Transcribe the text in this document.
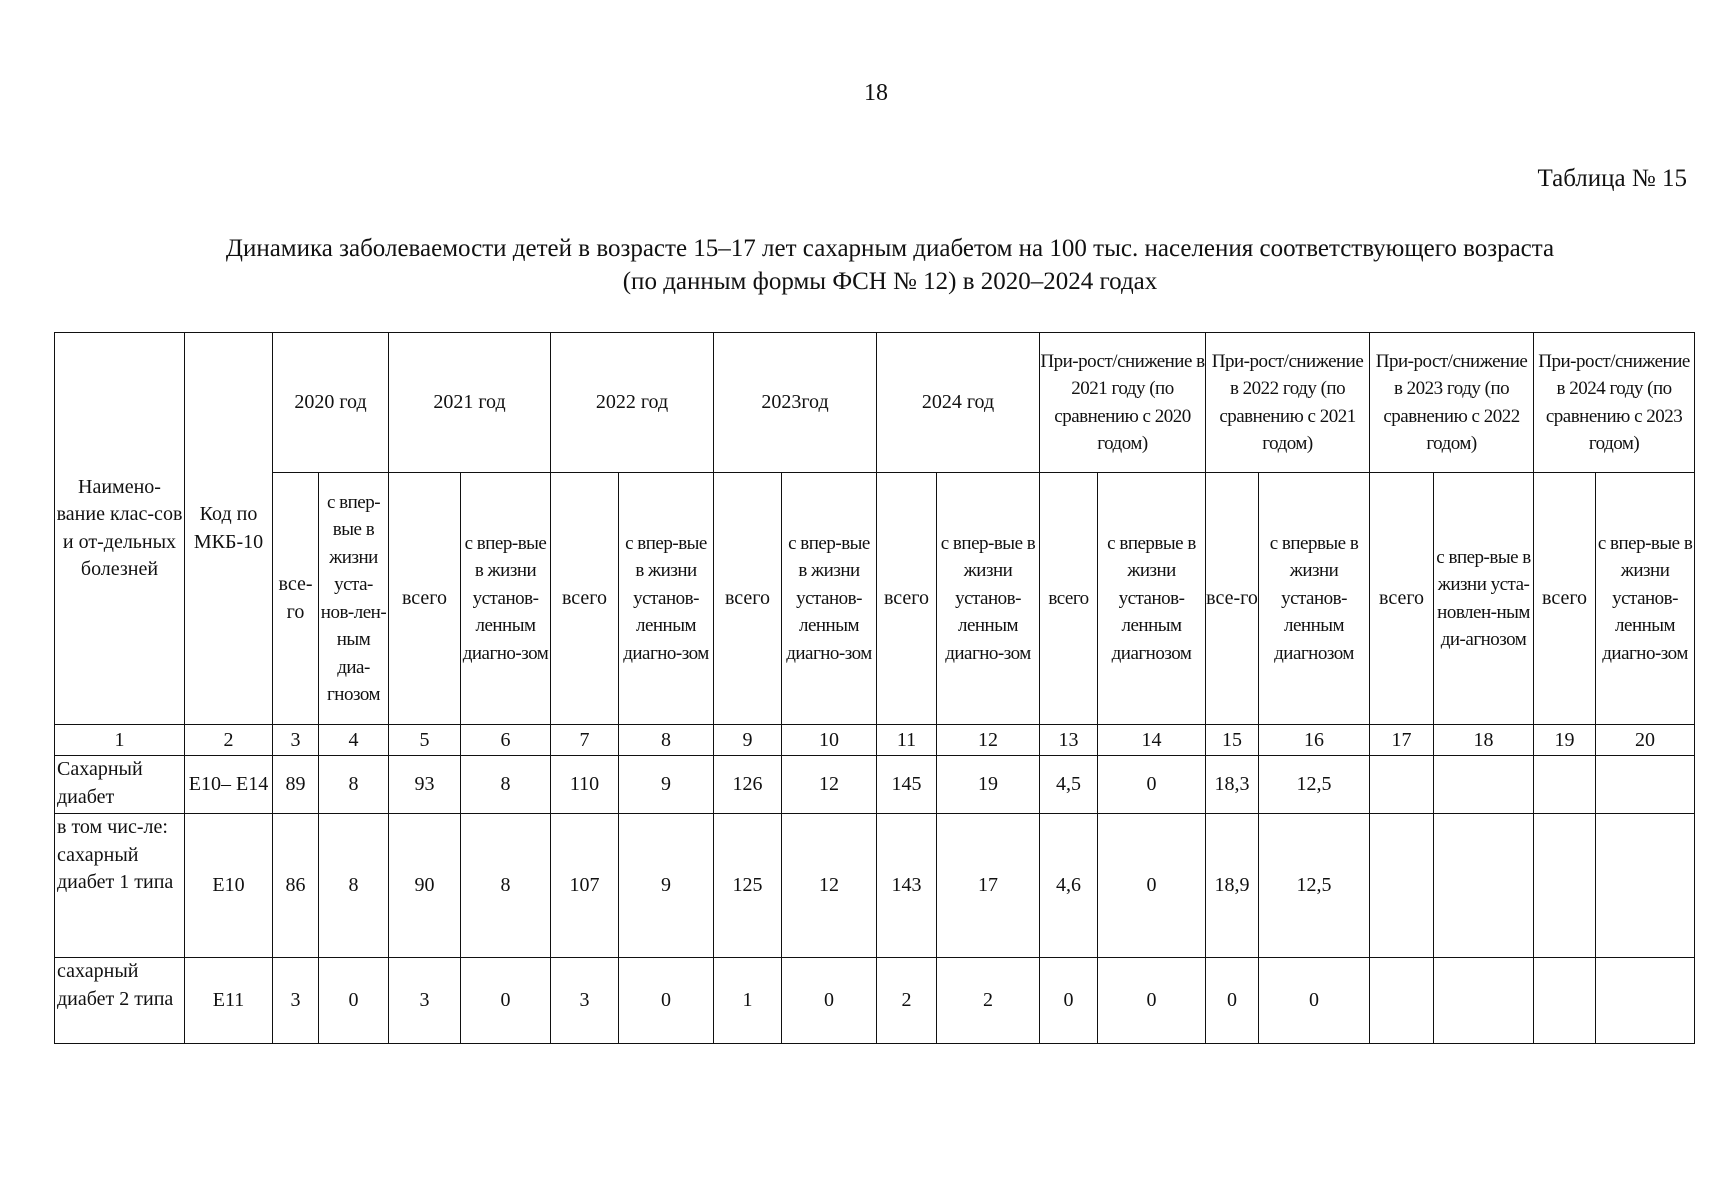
18
Таблица № 15
Динамика заболеваемости детей в возрасте 15–17 лет сахарным диабетом на 100 тыс. населения соответствующего возраста
(по данным формы ФСН № 12) в 2020–2024 годах
Наимено-вание клас-сов и от-дельных болезней	Код по МКБ-10	2020 год		2021 год		2022 год		2023год		2024 год		При-рост/снижение в 2021 году (по сравнению с 2020 годом)		При-рост/снижение в 2022 году (по сравнению с 2021 годом)		При-рост/снижение в 2023 году (по сравнению с 2022 годом)		При-рост/снижение в 2024 году (по сравнению с 2023 годом)	
		все-го	с впер-вые в жизни уста-нов-лен-ным диа-гнозом	всего	с впер-вые в жизни установ-ленным диагно-зом	всего	с впер-вые в жизни установ-ленным диагно-зом	всего	с впер-вые в жизни установ-ленным диагно-зом	всего	с впер-вые в жизни установ-ленным диагно-зом	всего	с впервые в жизни установ-ленным диагнозом	все-го	с впервые в жизни установ-ленным диагнозом	всего	с впер-вые в жизни уста-новлен-ным ди-агнозом	всего	с впер-вые в жизни установ-ленным диагно-зом
1	2	3	4	5	6	7	8	9	10	11	12	13	14	15	16	17	18	19	20
Сахарный диабет	E10– E14	89	8	93	8	110	9	126	12	145	19	4,5	0	18,3	12,5				
в том чис-ле: сахарный диабет 1 типа	E10	86	8	90	8	107	9	125	12	143	17	4,6	0	18,9	12,5				
сахарный диабет 2 типа	E11	3	0	3	0	3	0	1	0	2	2	0	0	0	0				
